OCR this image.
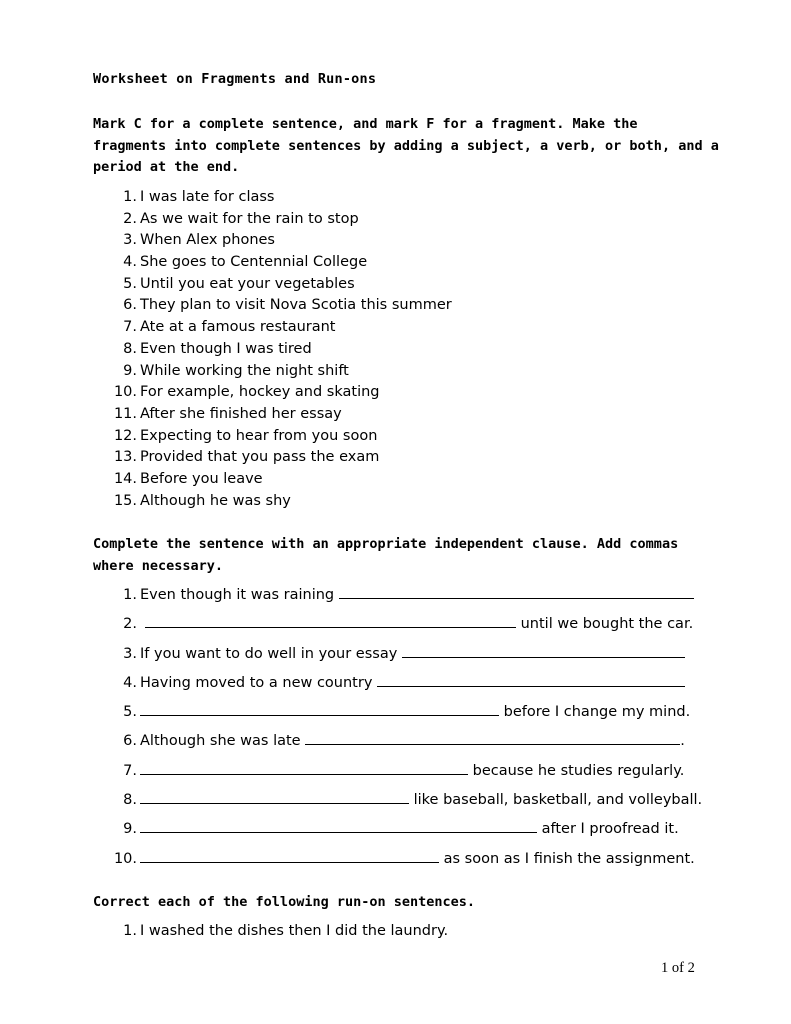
Worksheet on Fragments and Run-ons
Mark C for a complete sentence, and mark F for a fragment. Make the
fragments into complete sentences by adding a subject, a verb, or both, and a
period at the end.
1. I was late for class
2. As we wait for the rain to stop
3. When Alex phones
4. She goes to Centennial College
5. Until you eat your vegetables
6. They plan to visit Nova Scotia this summer
7. Ate at a famous restaurant
8. Even though I was tired
9. While working the night shift
10. For example, hockey and skating
11. After she finished her essay
12. Expecting to hear from you soon
13. Provided that you pass the exam
14. Before you leave
15. Although he was shy
Complete the sentence with an appropriate independent clause. Add commas
where necessary.
1. Even though it was raining
2.	until we bought the car.
3. If you want to do well in your essay
4. Having moved to a new country
5.	before I change my mind.
6. Although she was late	.
7.	because he studies regularly.
8.	like baseball, basketball, and volleyball.
9.	after I proofread it.
10.	as soon as I finish the assignment.
Correct each of the following run-on sentences.
1. I washed the dishes then I did the laundry.
1 of 2
